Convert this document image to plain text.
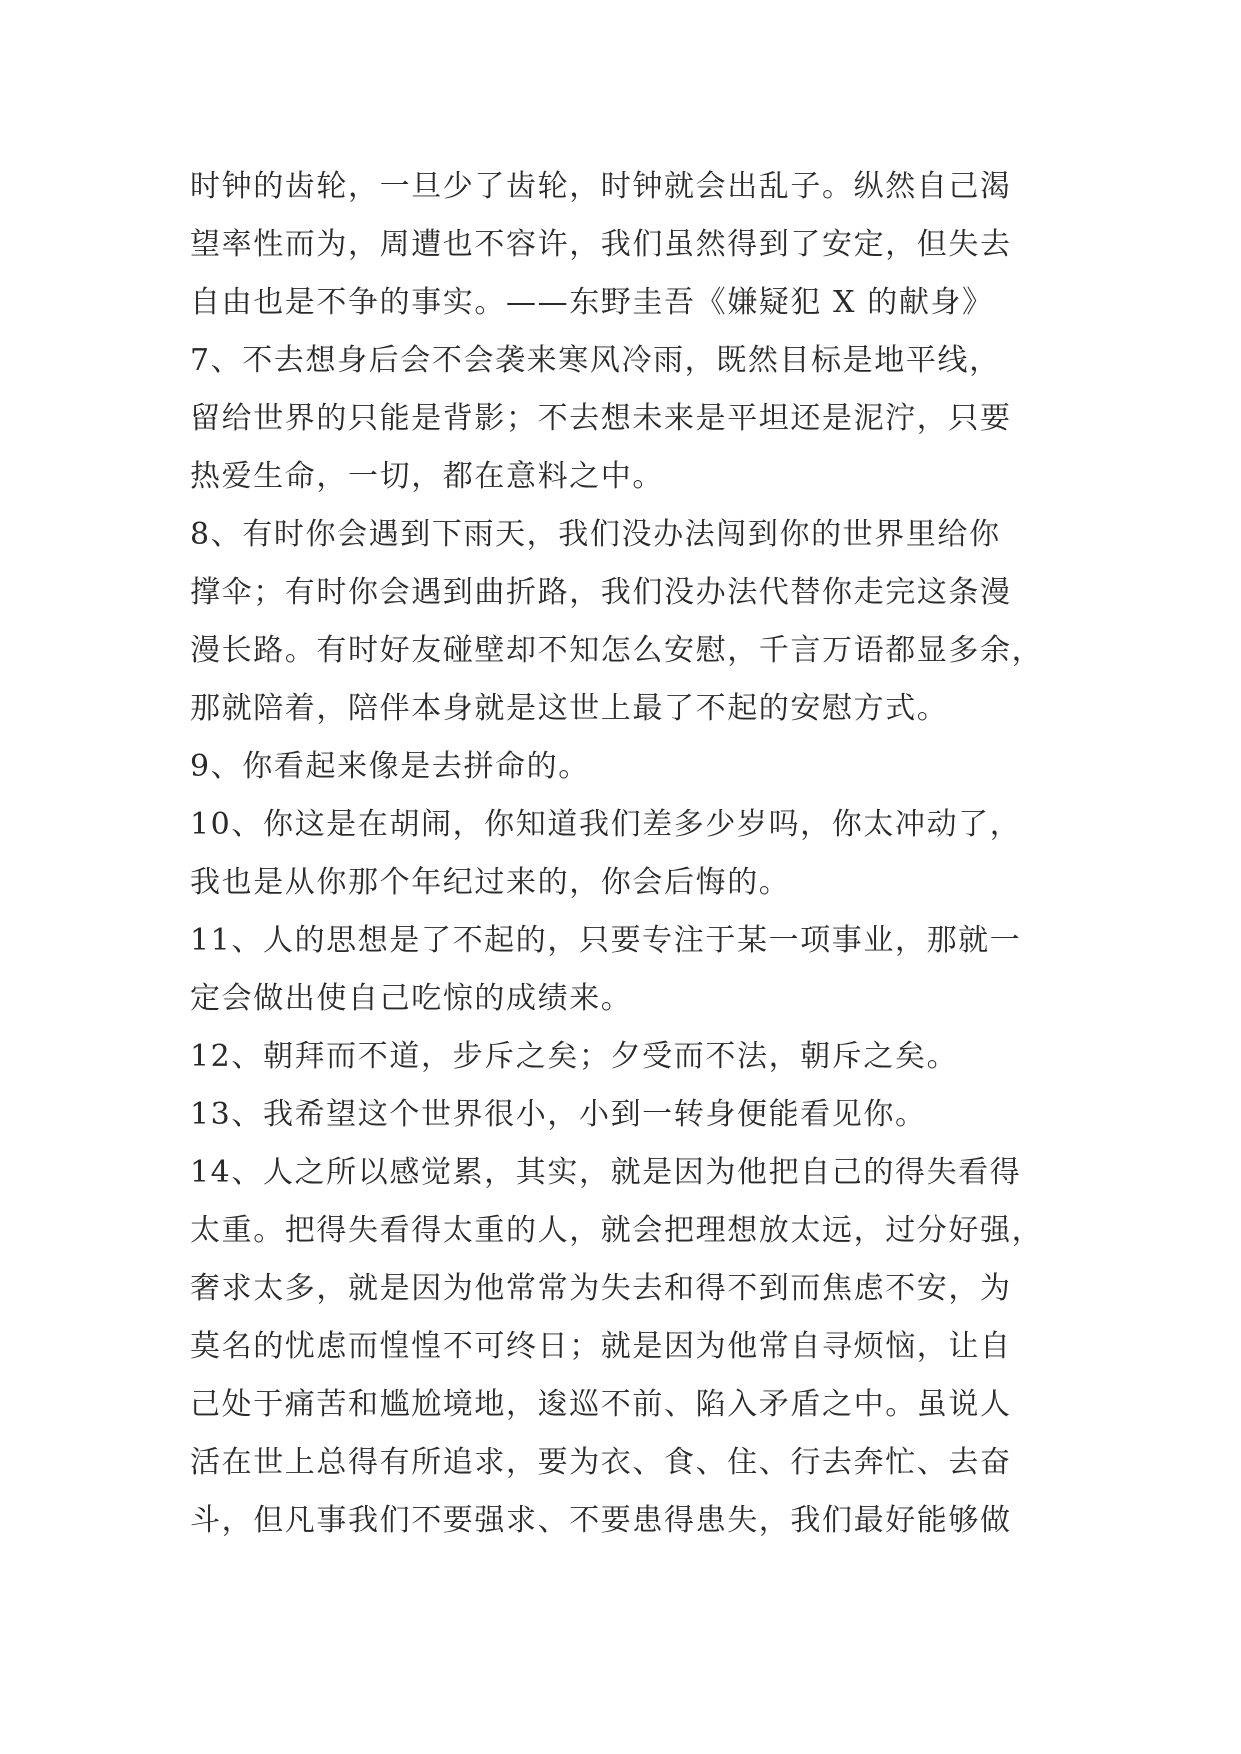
时钟的齿轮，一旦少了齿轮，时钟就会出乱子。纵然自己渴
望率性而为，周遭也不容许，我们虽然得到了安定，但失去
自由也是不争的事实。——东野圭吾《嫌疑犯 X 的献身》
7、不去想身后会不会袭来寒风冷雨，既然目标是地平线，
留给世界的只能是背影；不去想未来是平坦还是泥泞，只要
热爱生命，一切，都在意料之中。
8、有时你会遇到下雨天，我们没办法闯到你的世界里给你
撑伞；有时你会遇到曲折路，我们没办法代替你走完这条漫
漫长路。有时好友碰壁却不知怎么安慰，千言万语都显多余，
那就陪着，陪伴本身就是这世上最了不起的安慰方式。
9、你看起来像是去拼命的。
10、你这是在胡闹，你知道我们差多少岁吗，你太冲动了，
我也是从你那个年纪过来的，你会后悔的。
11、人的思想是了不起的，只要专注于某一项事业，那就一
定会做出使自己吃惊的成绩来。
12、朝拜而不道，步斥之矣；夕受而不法，朝斥之矣。
13、我希望这个世界很小，小到一转身便能看见你。
14、人之所以感觉累，其实，就是因为他把自己的得失看得
太重。把得失看得太重的人，就会把理想放太远，过分好强，
奢求太多，就是因为他常常为失去和得不到而焦虑不安，为
莫名的忧虑而惶惶不可终日；就是因为他常自寻烦恼，让自
己处于痛苦和尴尬境地，逡巡不前、陷入矛盾之中。虽说人
活在世上总得有所追求，要为衣、食、住、行去奔忙、去奋
斗，但凡事我们不要强求、不要患得患失，我们最好能够做
